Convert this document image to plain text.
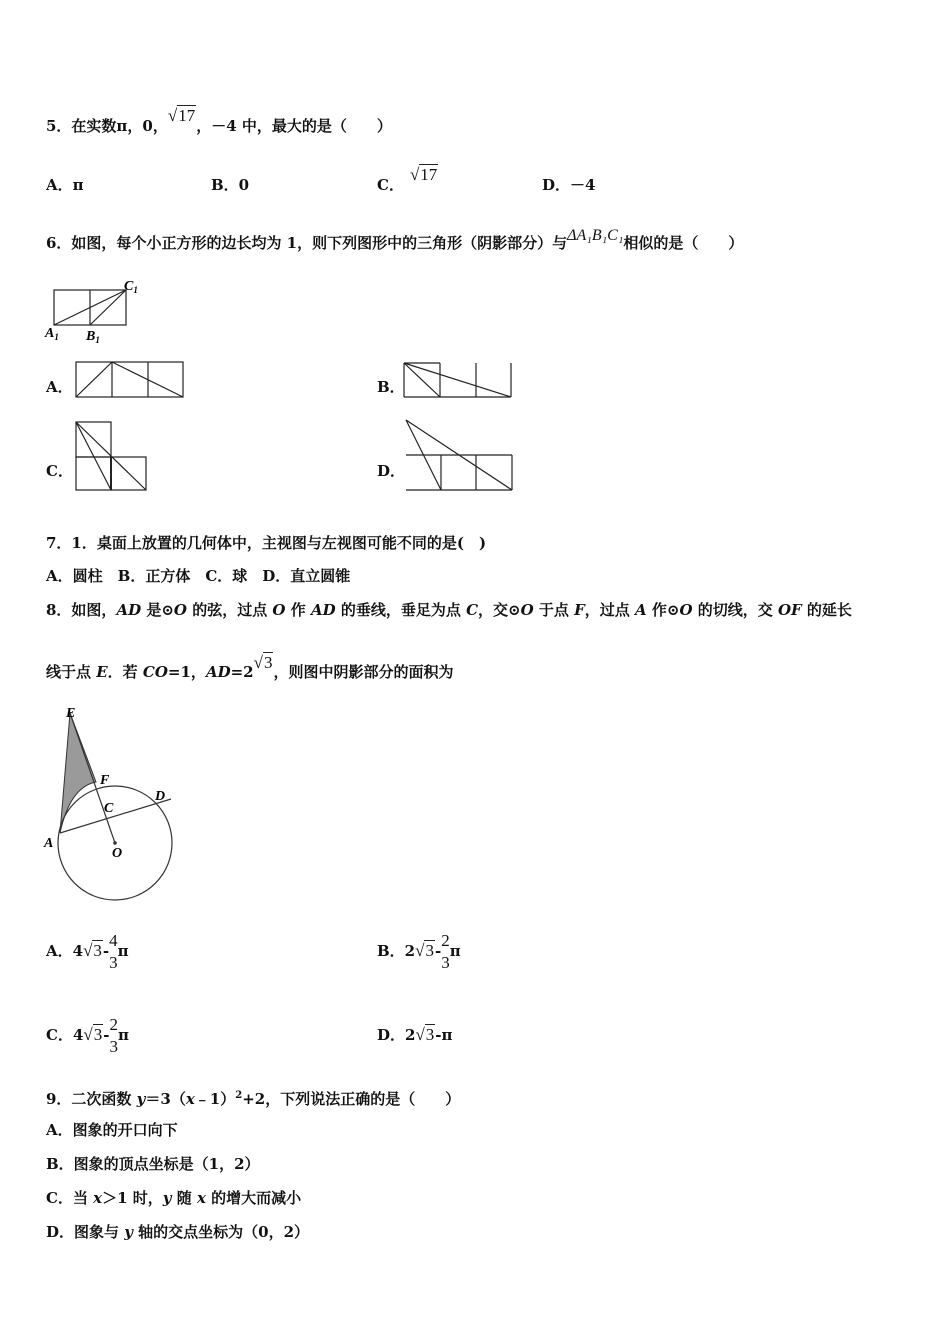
5．在实数π，0，√17，－4 中，最大的是（　　）
A．π	B．0	C．√17
D．－4
6．如图，每个小正方形的边长均为 1，则下列图形中的三角形（阴影部分）与ΔA₁B₁C₁相似的是（　　）
$C_1$
$A_1$ $B_1$
A．	B．
C．	D．
7．1．桌面上放置的几何体中，主视图与左视图可能不同的是(　)
A．圆柱　B．正方体　C．球　D．直立圆锥
8．如图，AD 是⊙O 的弦，过点 O 作 AD 的垂线，垂足为点 C，交⊙O 于点 F，过点 A 作⊙O 的切线，交 OF 的延长
线于点 E．若 CO=1，AD=2√3，则图中阴影部分的面积为
E
F
C
D
A
O
A．4√3-
4
3
π	B．2√3-
2
3
π
C．4√3-
2
3
π	D．2√3-π
9．二次函数 y＝3（x﹣1）$^2$+2，下列说法正确的是（　　）
A．图象的开口向下
B．图象的顶点坐标是（1，2）
C．当 x＞1 时，y 随 x 的增大而减小
D．图象与 y 轴的交点坐标为（0，2）
